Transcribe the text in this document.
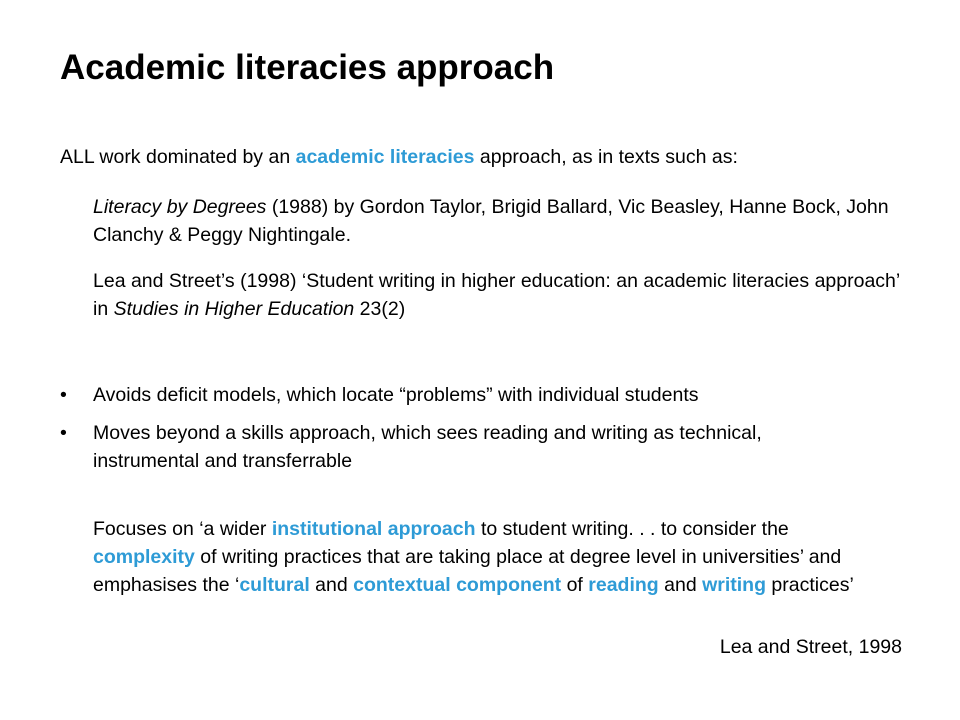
Academic literacies approach
ALL work dominated by an academic literacies approach, as in texts such as:
Literacy by Degrees (1988) by Gordon Taylor, Brigid Ballard, Vic Beasley, Hanne Bock, John Clanchy & Peggy Nightingale.
Lea and Street’s (1998) ‘Student writing in higher education: an academic literacies approach’ in Studies in Higher Education 23(2)
• Avoids deficit models, which locate “problems” with individual students
• Moves beyond a skills approach, which sees reading and writing as technical, instrumental and transferrable
Focuses on ‘a wider institutional approach to student writing. . . to consider the complexity of writing practices that are taking place at degree level in universities’ and emphasises the ‘cultural and contextual component of reading and writing practices’
Lea and Street, 1998
